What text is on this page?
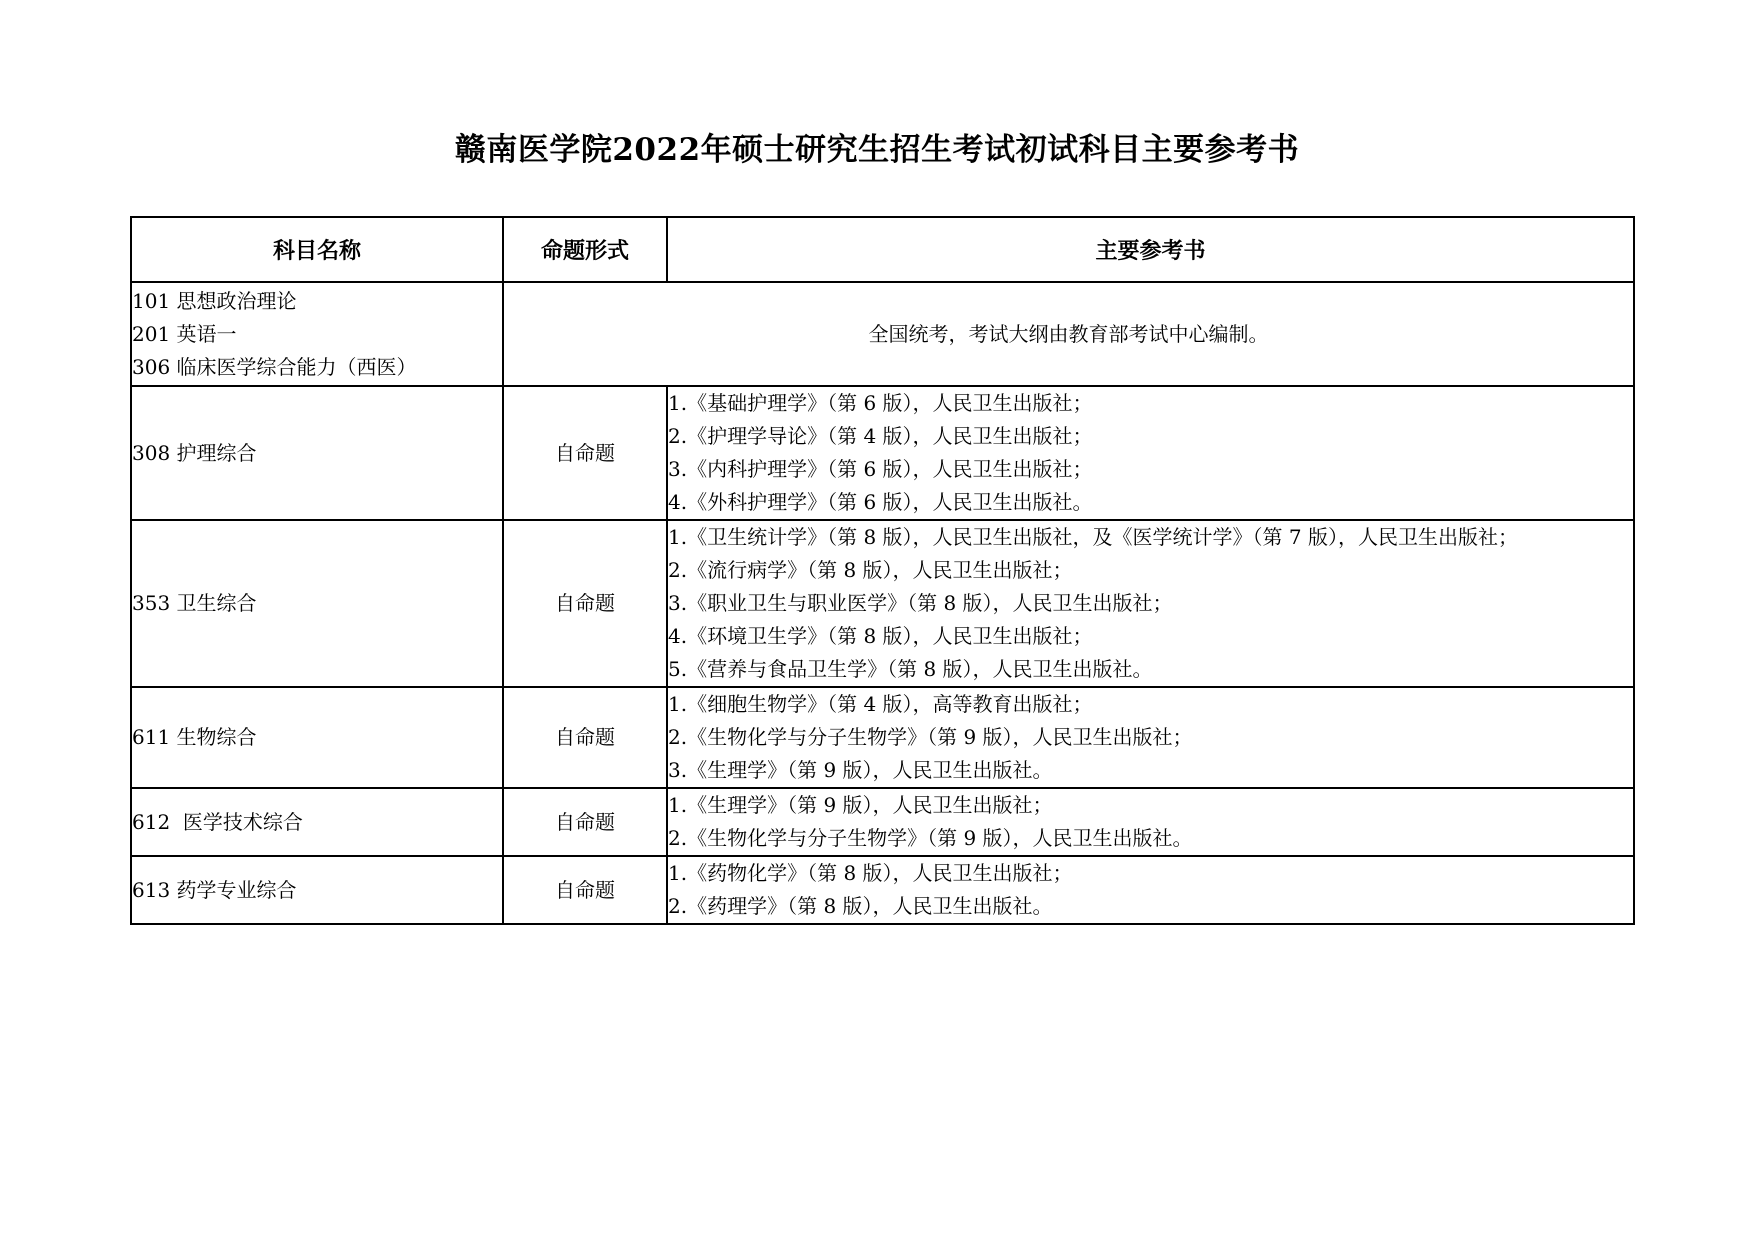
赣南医学院2022年硕士研究生招生考试初试科目主要参考书
科目名称	命题形式	主要参考书

101 思想政治理论
201 英语一
306 临床医学综合能力（西医）	全国统考，考试大纲由教育部考试中心编制。	
308 护理综合	自命题	1.《基础护理学》（第 6 版），人民卫生出版社；
2.《护理学导论》（第 4 版），人民卫生出版社；
3.《内科护理学》（第 6 版），人民卫生出版社；
4.《外科护理学》（第 6 版），人民卫生出版社。

353 卫生综合	自命题	1.《卫生统计学》（第 8 版），人民卫生出版社，及《医学统计学》（第 7 版），人民卫生出版社；
2.《流行病学》（第 8 版），人民卫生出版社；
3.《职业卫生与职业医学》（第 8 版），人民卫生出版社；
4.《环境卫生学》（第 8 版），人民卫生出版社；
5.《营养与食品卫生学》（第 8 版），人民卫生出版社。

611 生物综合	自命题	1.《细胞生物学》（第 4 版），高等教育出版社；
2.《生物化学与分子生物学》（第 9 版），人民卫生出版社；
3.《生理学》（第 9 版），人民卫生出版社。

612  医学技术综合	自命题	1.《生理学》（第 9 版），人民卫生出版社；
2.《生物化学与分子生物学》（第 9 版），人民卫生出版社。

613 药学专业综合	自命题	1.《药物化学》（第 8 版），人民卫生出版社；
2.《药理学》（第 8 版），人民卫生出版社。
